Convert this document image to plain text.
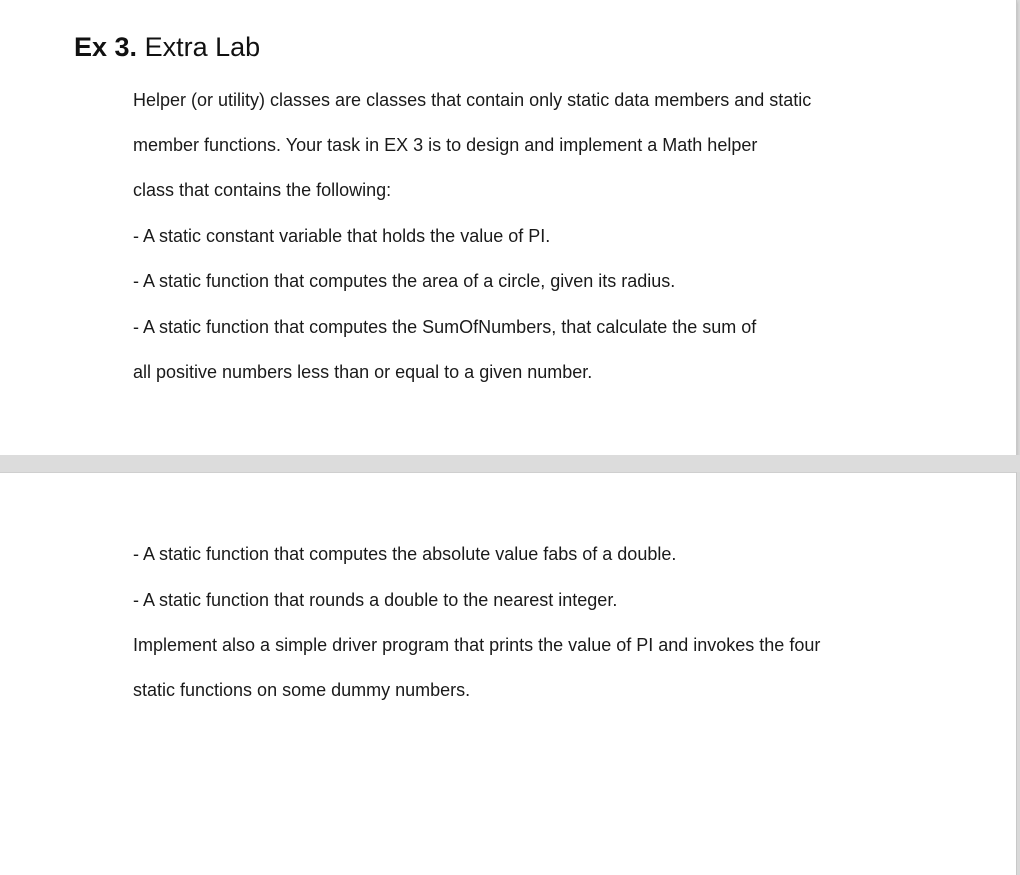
Ex 3. Extra Lab
Helper (or utility) classes are classes that contain only static data members and static
member functions. Your task in EX 3 is to design and implement a Math helper
class that contains the following:
- A static constant variable that holds the value of PI.
- A static function that computes the area of a circle, given its radius.
- A static function that computes the SumOfNumbers, that calculate the sum of
all positive numbers less than or equal to a given number.
- A static function that computes the absolute value fabs of a double.
- A static function that rounds a double to the nearest integer.
Implement also a simple driver program that prints the value of PI and invokes the four
static functions on some dummy numbers.
